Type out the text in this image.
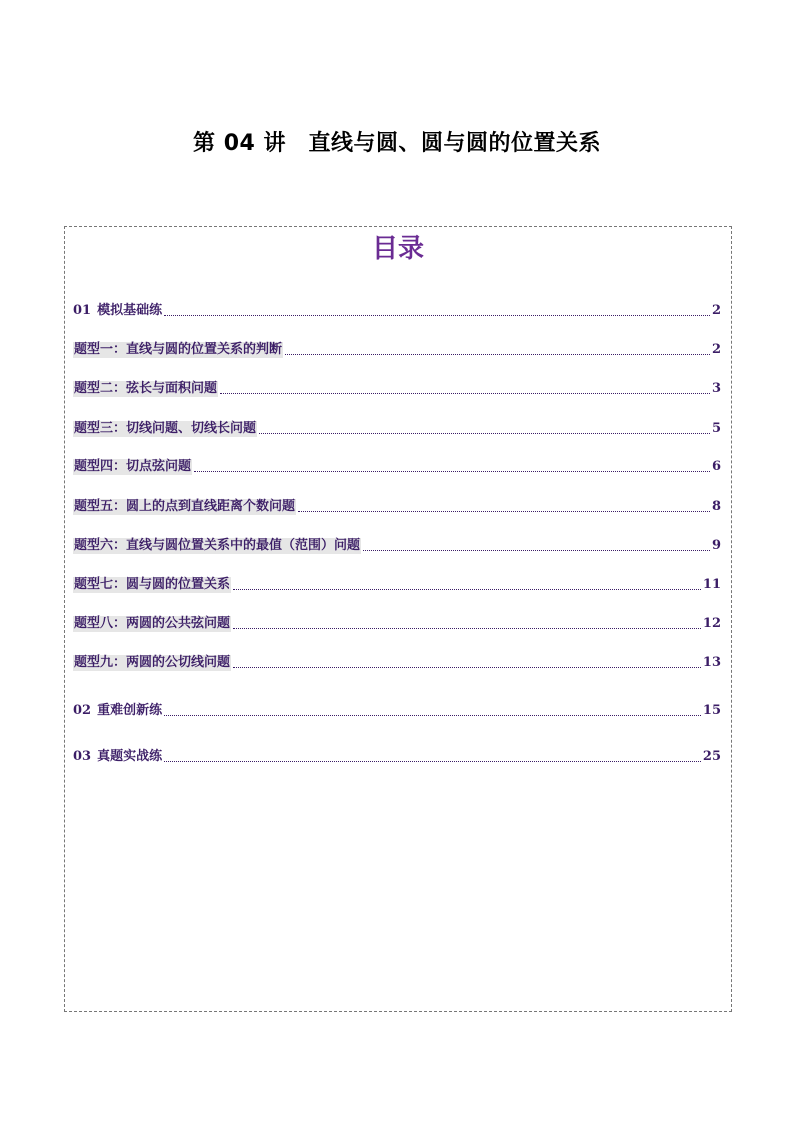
第 04 讲　直线与圆、圆与圆的位置关系
目录
01 模拟基础练	2
题型一：直线与圆的位置关系的判断	2
题型二：弦长与面积问题	3
题型三：切线问题、切线长问题	5
题型四：切点弦问题	6
题型五：圆上的点到直线距离个数问题	8
题型六：直线与圆位置关系中的最值（范围）问题	9
题型七：圆与圆的位置关系	11
题型八：两圆的公共弦问题	12
题型九：两圆的公切线问题	13
02 重难创新练	15
03 真题实战练	25
